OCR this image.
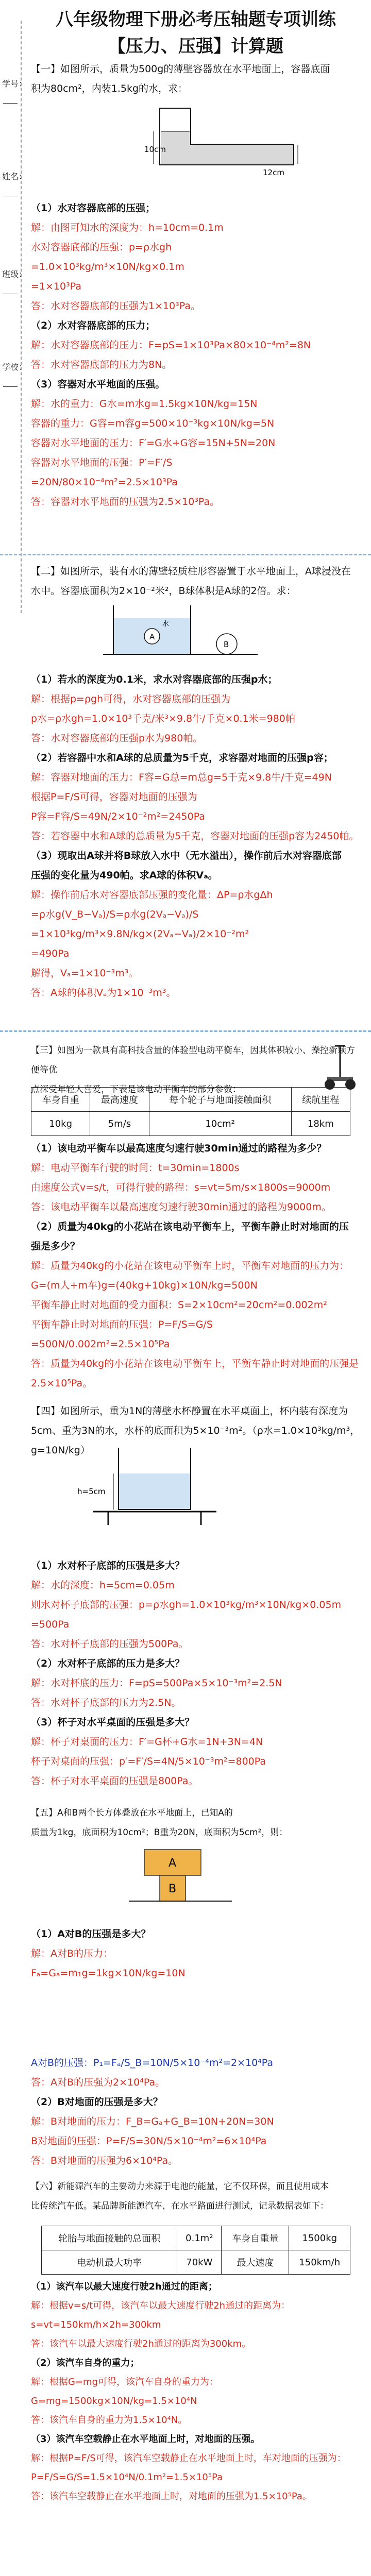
学号：
姓名：
班级：
学校：
八年级物理下册必考压轴题专项训练
【压力、压强】计算题
【一】如图所示，质量为500g的薄壁容器放在水平地面上，容器底面
积为80cm²，内装1.5kg的水，求：
10cm
12cm
（1）水对容器底部的压强；
解：由图可知水的深度为：h=10cm=0.1m
水对容器底部的压强：p=ρ水gh
=1.0×10³kg/m³×10N/kg×0.1m
=1×10³Pa
答：水对容器底部的压强为1×10³Pa。
（2）水对容器底部的压力；
解：水对容器底部的压力：F=pS=1×10³Pa×80×10⁻⁴m²=8N
答：水对容器底部的压力为8N。
（3）容器对水平地面的压强。
解：水的重力：G水=m水g=1.5kg×10N/kg=15N
容器的重力：G容=m容g=500×10⁻³kg×10N/kg=5N
容器对水平地面的压力：F′=G水+G容=15N+5N=20N
容器对水平地面的压强：P′=F′/S
=20N/80×10⁻⁴m²=2.5×10³Pa
答：容器对水平地面的压强为2.5×10³Pa。
【二】如图所示，装有水的薄壁轻质柱形容器置于水平地面上，A球浸没在
水中。容器底面积为2×10⁻²米²，B球体积是A球的2倍。求：
A
水
B
（1）若水的深度为0.1米，求水对容器底部的压强p水；
解：根据p=ρgh可得，水对容器底部的压强为
p水=ρ水gh=1.0×10³千克/米³×9.8牛/千克×0.1米=980帕
答：水对容器底部的压强p水为980帕。
（2）若容器中水和A球的总质量为5千克，求容器对地面的压强p容；
解：容器对地面的压力：F容=G总=m总g=5千克×9.8牛/千克=49N
根据P=F/S可得，容器对地面的压强为
P容=F容/S=49N/2×10⁻²m²=2450Pa
答：若容器中水和A球的总质量为5千克，容器对地面的压强p容为2450帕。
（3）现取出A球并将B球放入水中（无水溢出），操作前后水对容器底部
压强的变化量为490帕。求A球的体积Vₐ。
解：操作前后水对容器底部压强的变化量：ΔP=ρ水gΔh
=ρ水g(V_B−Vₐ)/S=ρ水g(2Vₐ−Vₐ)/S
=1×10³kg/m³×9.8N/kg×(2Vₐ−Vₐ)/2×10⁻²m²
=490Pa
解得，Vₐ=1×10⁻³m³。
答：A球的体积Vₐ为1×10⁻³m³。
【三】如图为一款具有高科技含量的体验型电动平衡车，因其体积较小、操控新颖方便等优
点深受年轻人喜爱，下表是该电动平衡车的部分参数：
车身自重	最高速度	每个轮子与地面接触面积	续航里程
10kg	5m/s	10cm²	18km
（1）该电动平衡车以最高速度匀速行驶30min通过的路程为多少？
解：电动平衡车行驶的时间：t=30min=1800s
由速度公式v=s/t，可得行驶的路程：s=vt=5m/s×1800s=9000m
答：该电动平衡车以最高速度匀速行驶30min通过的路程为9000m。
（2）质量为40kg的小花站在该电动平衡车上，平衡车静止时对地面的压
强是多少？
解：质量为40kg的小花站在该电动平衡车上时，平衡车对地面的压力为：
G=(m人+m车)g=(40kg+10kg)×10N/kg=500N
平衡车静止时对地面的受力面积：S=2×10cm²=20cm²=0.002m²
平衡车静止时对地面的压强：P=F/S=G/S
=500N/0.002m²=2.5×10⁵Pa
答：质量为40kg的小花站在该电动平衡车上，平衡车静止时对地面的压强是2.5×10⁵Pa。
【四】如图所示，重为1N的薄壁水杯静置在水平桌面上，杯内装有深度为
5cm、重为3N的水，水杯的底面积为5×10⁻³m²。（ρ水=1.0×10³kg/m³，g=10N/kg）
h=5cm
（1）水对杯子底部的压强是多大？
解：水的深度：h=5cm=0.05m
则水对杯子底部的压强：p=ρ水gh=1.0×10³kg/m³×10N/kg×0.05m
=500Pa
答：水对杯子底部的压强为500Pa。
（2）水对杯子底部的压力是多大？
解：水对杯底的压力：F=pS=500Pa×5×10⁻³m²=2.5N
答：水对杯子底部的压力为2.5N。
（3）杯子对水平桌面的压强是多大？
解：杯子对桌面的压力：F′=G杯+G水=1N+3N=4N
杯子对桌面的压强：p′=F′/S=4N/5×10⁻³m²=800Pa
答：杯子对水平桌面的压强是800Pa。
【五】A和B两个长方体叠放在水平地面上，已知A的
质量为1kg，底面积为10cm²；B重为20N，底面积为5cm²，则：
A
B
（1）A对B的压强是多大？
解：A对B的压力：
Fₐ=Gₐ=m₁g=1kg×10N/kg=10N
A对B的压强：P₁=Fₐ/S_B=10N/5×10⁻⁴m²=2×10⁴Pa
答：A对B的压强为2×10⁴Pa。
（2）B对地面的压强是多大？
解：B对地面的压力：F_B=Gₐ+G_B=10N+20N=30N
B对地面的压强：P=F/S=30N/5×10⁻⁴m²=6×10⁴Pa
答：B对地面的压强为6×10⁴Pa。
【六】新能源汽车的主要动力来源于电池的能量，它不仅环保，而且使用成本
比传统汽车低。某品牌新能源汽车，在水平路面进行测试，记录数据表如下：
轮胎与地面接触的总面积	0.1m²	车身自重量	1500kg
电动机最大功率	70kW	最大速度	150km/h
（1）该汽车以最大速度行驶2h通过的距离；
解：根据v=s/t可得，该汽车以最大速度行驶2h通过的距离为：
s=vt=150km/h×2h=300km
答：该汽车以最大速度行驶2h通过的距离为300km。
（2）该汽车自身的重力；
解：根据G=mg可得，该汽车自身的重力为：
G=mg=1500kg×10N/kg=1.5×10⁴N
答：该汽车自身的重力为1.5×10⁴N。
（3）该汽车空载静止在水平地面上时，对地面的压强。
解：根据P=F/S可得，该汽车空载静止在水平地面上时，车对地面的压强为：
P=F/S=G/S=1.5×10⁴N/0.1m²=1.5×10⁵Pa
答：该汽车空载静止在水平地面上时，对地面的压强为1.5×10⁵Pa。
